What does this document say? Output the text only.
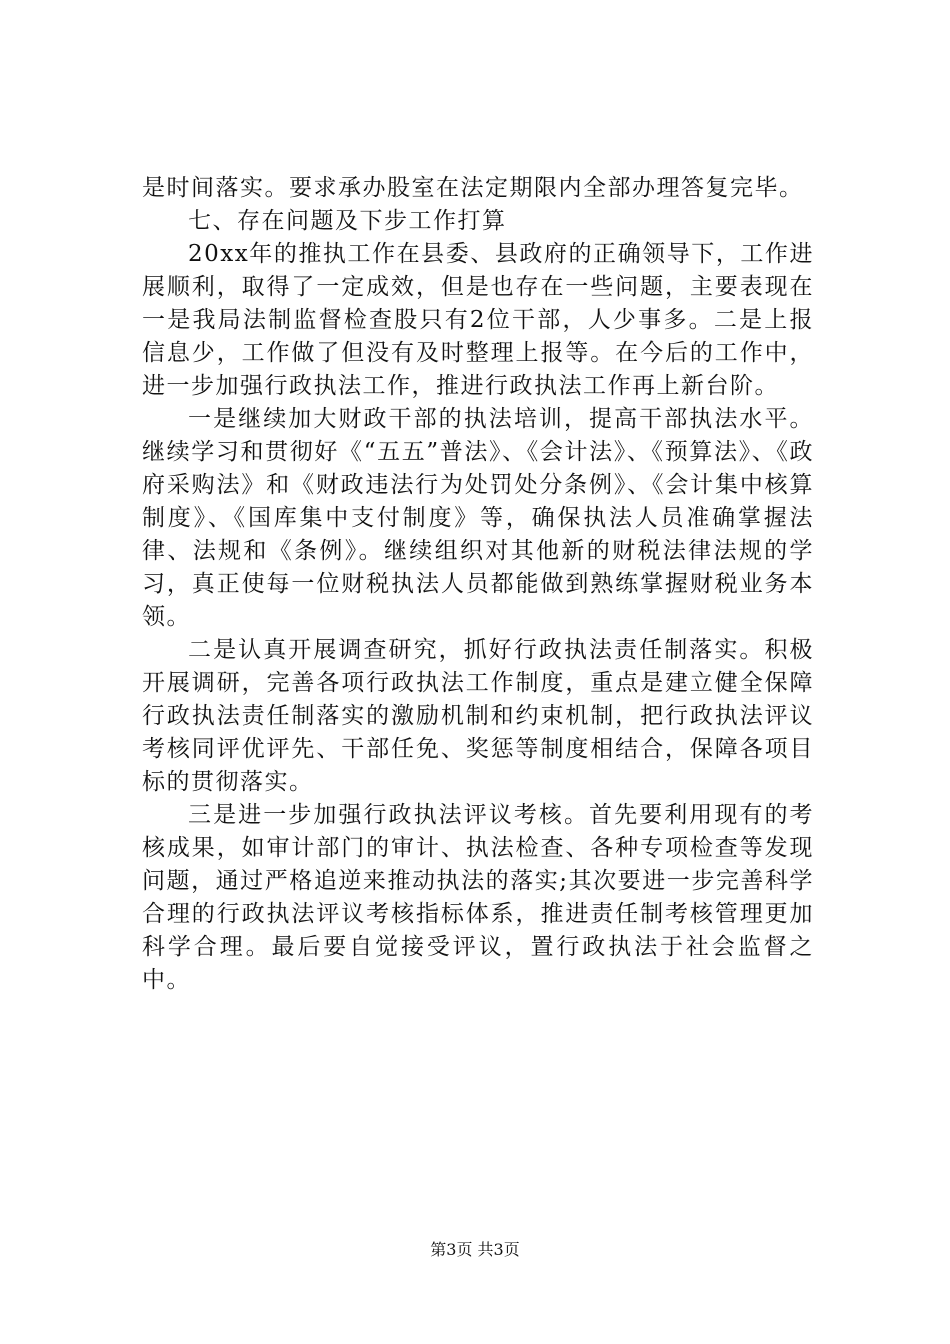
是时间落实。要求承办股室在法定期限内全部办理答复完毕。

七、存在问题及下步工作打算

20xx年的推执工作在县委、县政府的正确领导下，工作进展顺利，取得了一定成效，但是也存在一些问题，主要表现在一是我局法制监督检查股只有2位干部，人少事多。二是上报信息少，工作做了但没有及时整理上报等。在今后的工作中，进一步加强行政执法工作，推进行政执法工作再上新台阶。

一是继续加大财政干部的执法培训，提高干部执法水平。继续学习和贯彻好《“五五”普法》、《会计法》、《预算法》、《政府采购法》和《财政违法行为处罚处分条例》、《会计集中核算制度》、《国库集中支付制度》等，确保执法人员准确掌握法律、法规和《条例》。继续组织对其他新的财税法律法规的学习，真正使每一位财税执法人员都能做到熟练掌握财税业务本领。

二是认真开展调查研究，抓好行政执法责任制落实。积极开展调研，完善各项行政执法工作制度，重点是建立健全保障行政执法责任制落实的激励机制和约束机制，把行政执法评议考核同评优评先、干部任免、奖惩等制度相结合，保障各项目标的贯彻落实。

三是进一步加强行政执法评议考核。首先要利用现有的考核成果，如审计部门的审计、执法检查、各种专项检查等发现问题，通过严格追逆来推动执法的落实;其次要进一步完善科学合理的行政执法评议考核指标体系，推进责任制考核管理更加科学合理。最后要自觉接受评议，置行政执法于社会监督之中。

第3页 共3页
